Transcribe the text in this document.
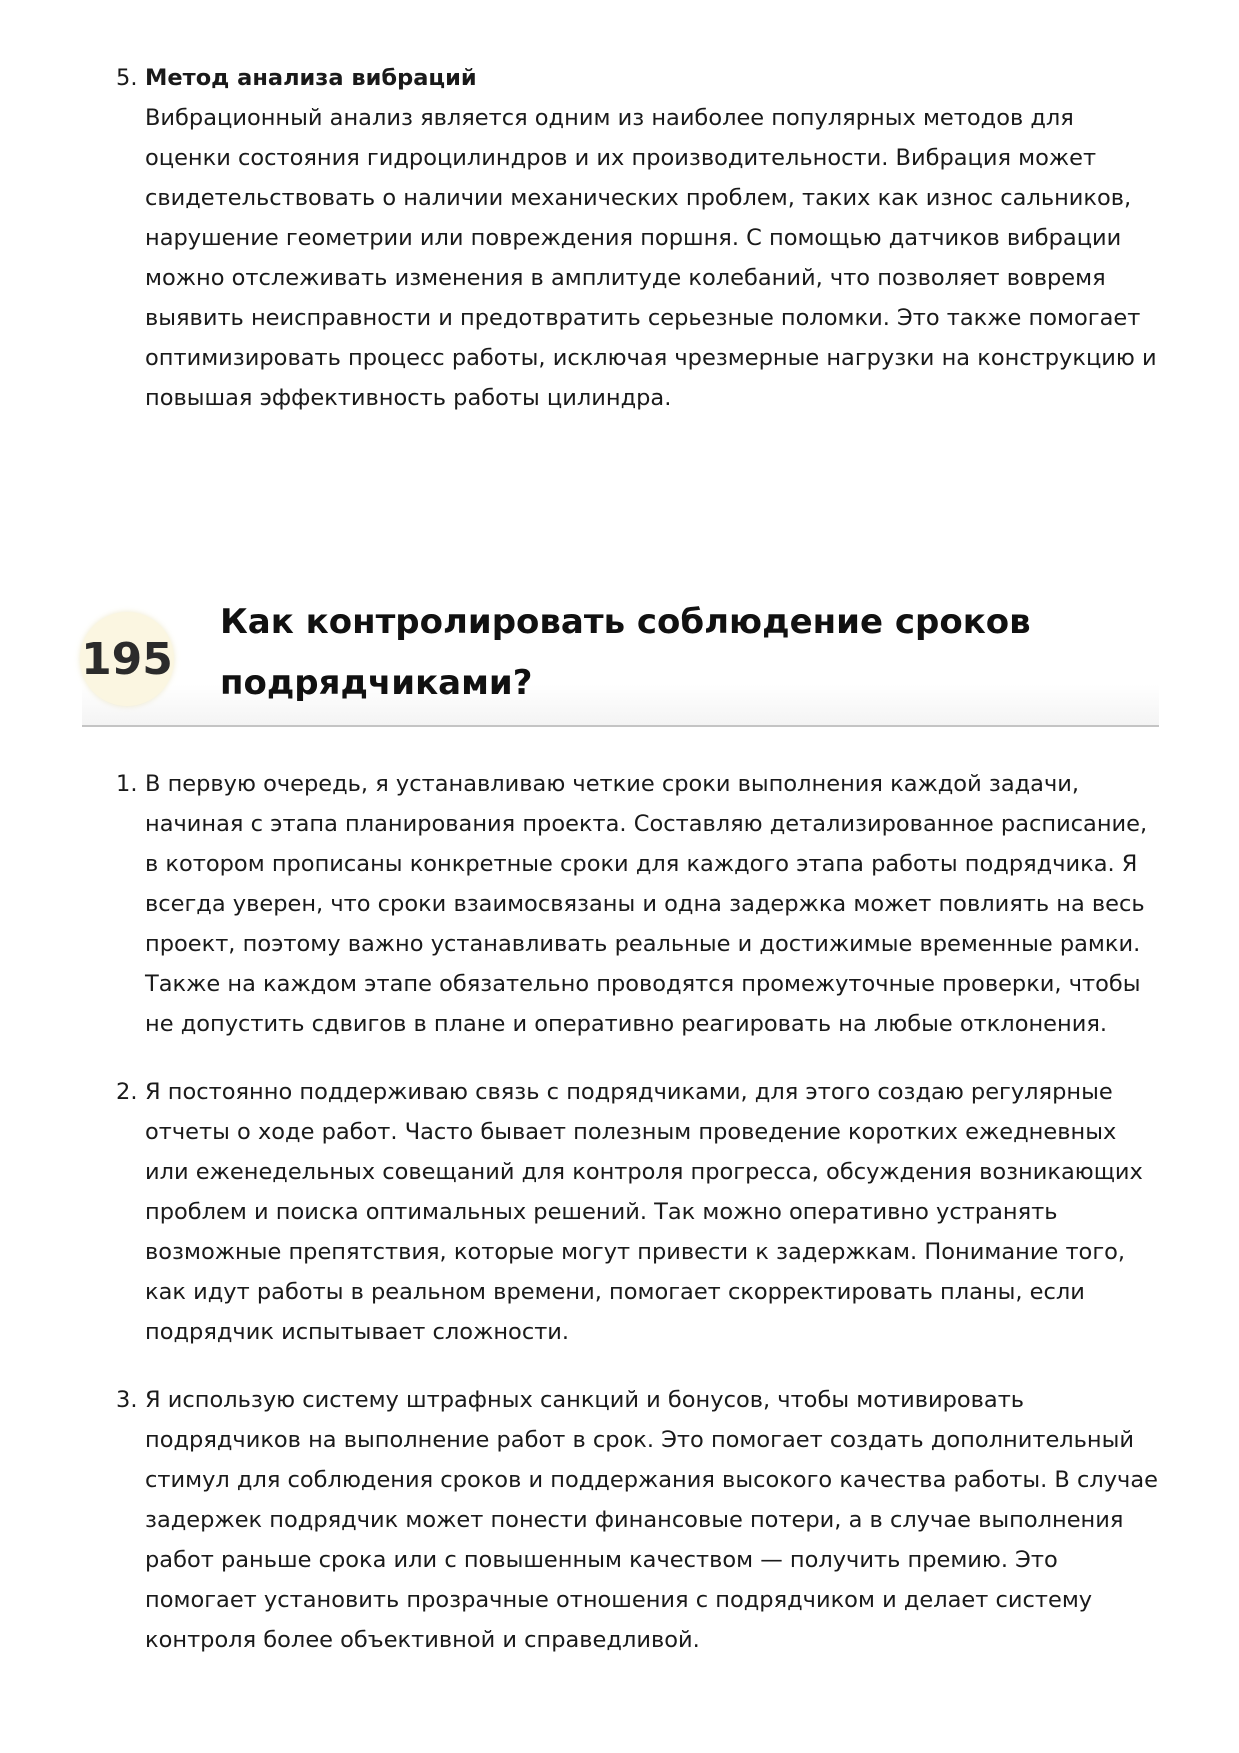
5. Метод анализа вибраций
Вибрационный анализ является одним из наиболее популярных методов для оценки состояния гидроцилиндров и их производительности. Вибрация может свидетельствовать о наличии механических проблем, таких как износ сальников, нарушение геометрии или повреждения поршня. С помощью датчиков вибрации можно отслеживать изменения в амплитуде колебаний, что позволяет вовремя выявить неисправности и предотвратить серьезные поломки. Это также помогает оптимизировать процесс работы, исключая чрезмерные нагрузки на конструкцию и повышая эффективность работы цилиндра.
195
Как контролировать соблюдение сроков подрядчиками?
1. В первую очередь, я устанавливаю четкие сроки выполнения каждой задачи, начиная с этапа планирования проекта. Составляю детализированное расписание, в котором прописаны конкретные сроки для каждого этапа работы подрядчика. Я всегда уверен, что сроки взаимосвязаны и одна задержка может повлиять на весь проект, поэтому важно устанавливать реальные и достижимые временные рамки. Также на каждом этапе обязательно проводятся промежуточные проверки, чтобы не допустить сдвигов в плане и оперативно реагировать на любые отклонения.
2. Я постоянно поддерживаю связь с подрядчиками, для этого создаю регулярные отчеты о ходе работ. Часто бывает полезным проведение коротких ежедневных или еженедельных совещаний для контроля прогресса, обсуждения возникающих проблем и поиска оптимальных решений. Так можно оперативно устранять возможные препятствия, которые могут привести к задержкам. Понимание того, как идут работы в реальном времени, помогает скорректировать планы, если подрядчик испытывает сложности.
3. Я использую систему штрафных санкций и бонусов, чтобы мотивировать подрядчиков на выполнение работ в срок. Это помогает создать дополнительный стимул для соблюдения сроков и поддержания высокого качества работы. В случае задержек подрядчик может понести финансовые потери, а в случае выполнения работ раньше срока или с повышенным качеством — получить премию. Это помогает установить прозрачные отношения с подрядчиком и делает систему контроля более объективной и справедливой.
